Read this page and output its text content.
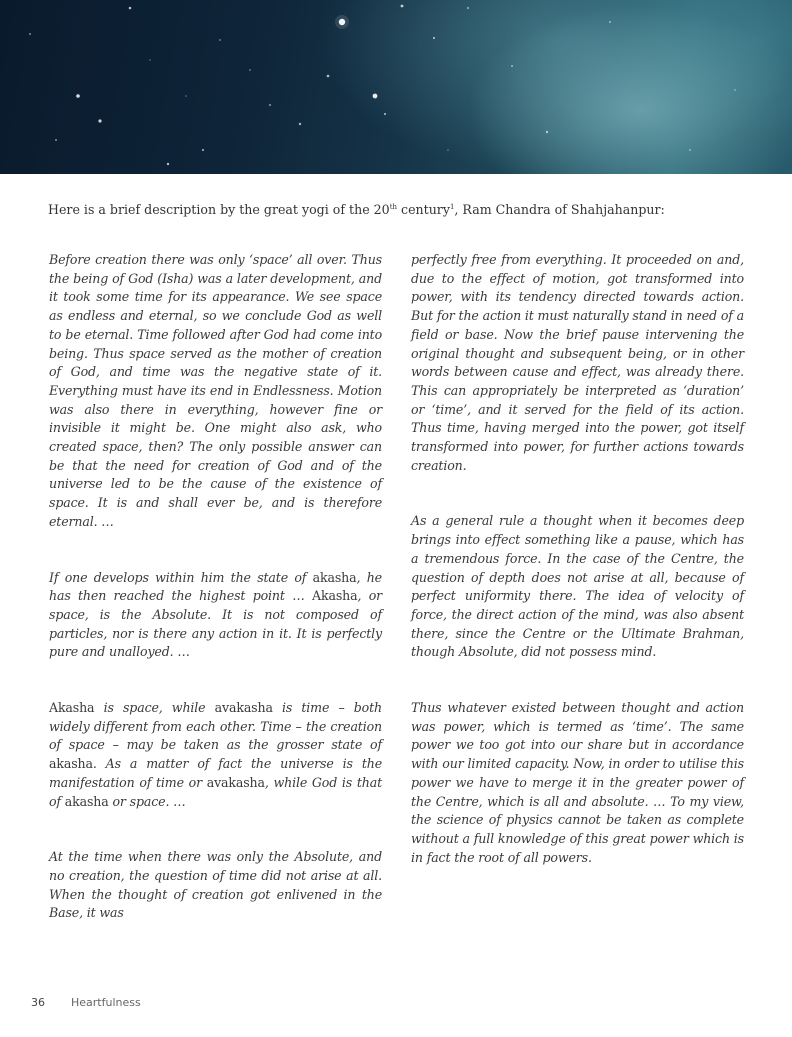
Here is a brief description by the great yogi of the 20th century$^1$, Ram Chandra of Shahjahanpur:

Before creation there was only ‘space’ all over. Thus the being of God (Isha) was a later development, and it took some time for its appearance. We see space as endless and eternal, so we conclude God as well to be eternal. Time followed after God had come into being. Thus space served as the mother of creation of God, and time was the negative state of it. Everything must have its end in Endlessness. Motion was also there in everything, however fine or invisible it might be. One might also ask, who created space, then? The only possible answer can be that the need for creation of God and of the universe led to be the cause of the existence of space. It is and shall ever be, and is therefore eternal. …

If one develops within him the state of akasha, he has then reached the highest point … Akasha, or space, is the Absolute. It is not composed of particles, nor is there any action in it. It is perfectly pure and unalloyed. …

Akasha is space, while avakasha is time – both widely different from each other. Time – the creation of space – may be taken as the grosser state of akasha. As a matter of fact the universe is the manifestation of time or avakasha, while God is that of akasha or space. …

At the time when there was only the Absolute, and no creation, the question of time did not arise at all. When the thought of creation got enlivened in the Base, it was

perfectly free from everything. It proceeded on and, due to the effect of motion, got transformed into power, with its tendency directed towards action. But for the action it must naturally stand in need of a field or base. Now the brief pause intervening the original thought and subsequent being, or in other words between cause and effect, was already there. This can appropriately be interpreted as ‘duration’ or ‘time’, and it served for the field of its action. Thus time, having merged into the power, got itself transformed into power, for further actions towards creation.

As a general rule a thought when it becomes deep brings into effect something like a pause, which has a tremendous force. In the case of the Centre, the question of depth does not arise at all, because of perfect uniformity there. The idea of velocity of force, the direct action of the mind, was also absent there, since the Centre or the Ultimate Brahman, though Absolute, did not possess mind.

Thus whatever existed between thought and action was power, which is termed as ‘time’. The same power we too got into our share but in accordance with our limited capacity. Now, in order to utilise this power we have to merge it in the greater power of the Centre, which is all and absolute. … To my view, the science of physics cannot be taken as complete without a full knowledge of this great power which is in fact the root of all powers.

36 Heartfulness
